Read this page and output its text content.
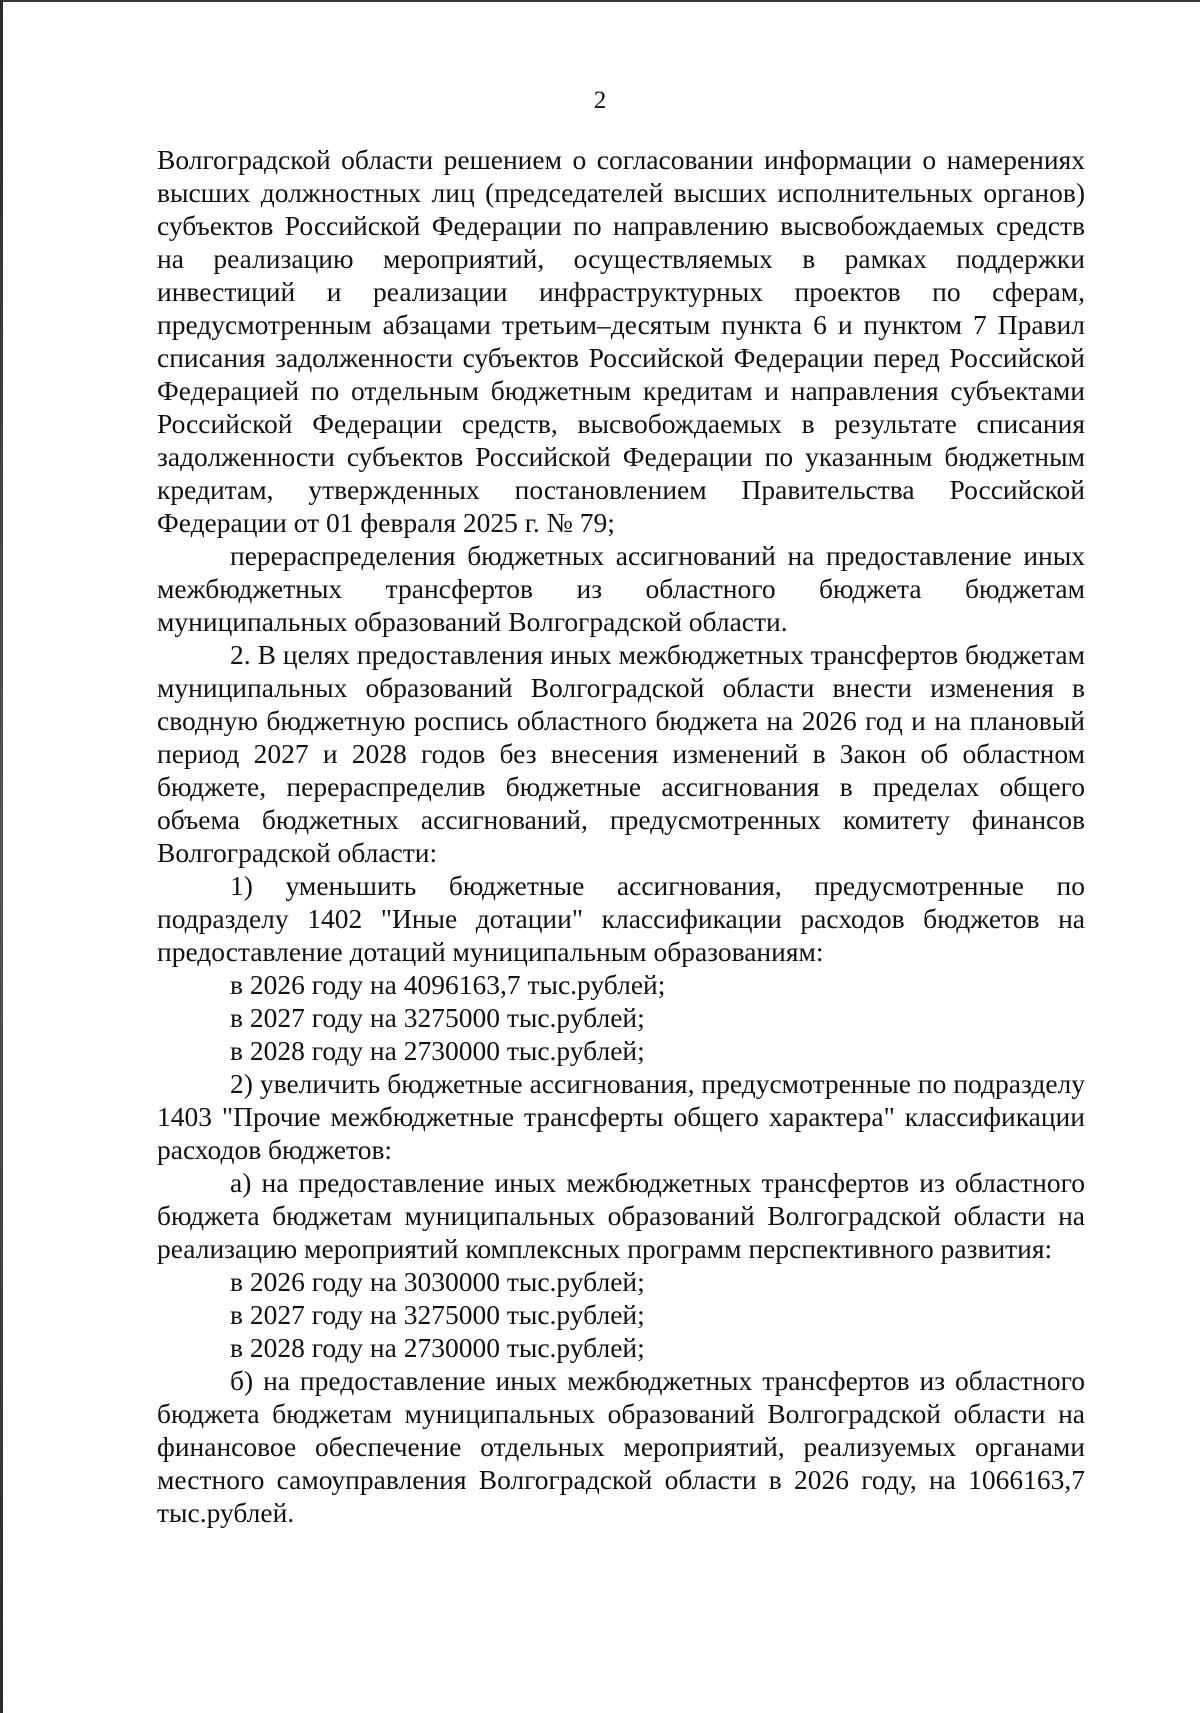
2

Волгоградской области решением о согласовании информации о намерениях высших должностных лиц (председателей высших исполнительных органов) субъектов Российской Федерации по направлению высвобождаемых средств на реализацию мероприятий, осуществляемых в рамках поддержки инвестиций и реализации инфраструктурных проектов по сферам, предусмотренным абзацами третьим–десятым пункта 6 и пунктом 7 Правил списания задолженности субъектов Российской Федерации перед Российской Федерацией по отдельным бюджетным кредитам и направления субъектами Российской Федерации средств, высвобождаемых в результате списания задолженности субъектов Российской Федерации по указанным бюджетным кредитам, утвержденных постановлением Правительства Российской Федерации от 01 февраля 2025 г. № 79;

перераспределения бюджетных ассигнований на предоставление иных межбюджетных трансфертов из областного бюджета бюджетам муниципальных образований Волгоградской области.

2. В целях предоставления иных межбюджетных трансфертов бюджетам муниципальных образований Волгоградской области внести изменения в сводную бюджетную роспись областного бюджета на 2026 год и на плановый период 2027 и 2028 годов без внесения изменений в Закон об областном бюджете, перераспределив бюджетные ассигнования в пределах общего объема бюджетных ассигнований, предусмотренных комитету финансов Волгоградской области:

1) уменьшить бюджетные ассигнования, предусмотренные по подразделу 1402 "Иные дотации" классификации расходов бюджетов на предоставление дотаций муниципальным образованиям:

в 2026 году на 4096163,7 тыс.рублей;

в 2027 году на 3275000 тыс.рублей;

в 2028 году на 2730000 тыс.рублей;

2) увеличить бюджетные ассигнования, предусмотренные по подразделу 1403 "Прочие межбюджетные трансферты общего характера" классификации расходов бюджетов:

а) на предоставление иных межбюджетных трансфертов из областного бюджета бюджетам муниципальных образований Волгоградской области на реализацию мероприятий комплексных программ перспективного развития:

в 2026 году на 3030000 тыс.рублей;

в 2027 году на 3275000 тыс.рублей;

в 2028 году на 2730000 тыс.рублей;

б) на предоставление иных межбюджетных трансфертов из областного бюджета бюджетам муниципальных образований Волгоградской области на финансовое обеспечение отдельных мероприятий, реализуемых органами местного самоуправления Волгоградской области в 2026 году, на 1066163,7 тыс.рублей.
